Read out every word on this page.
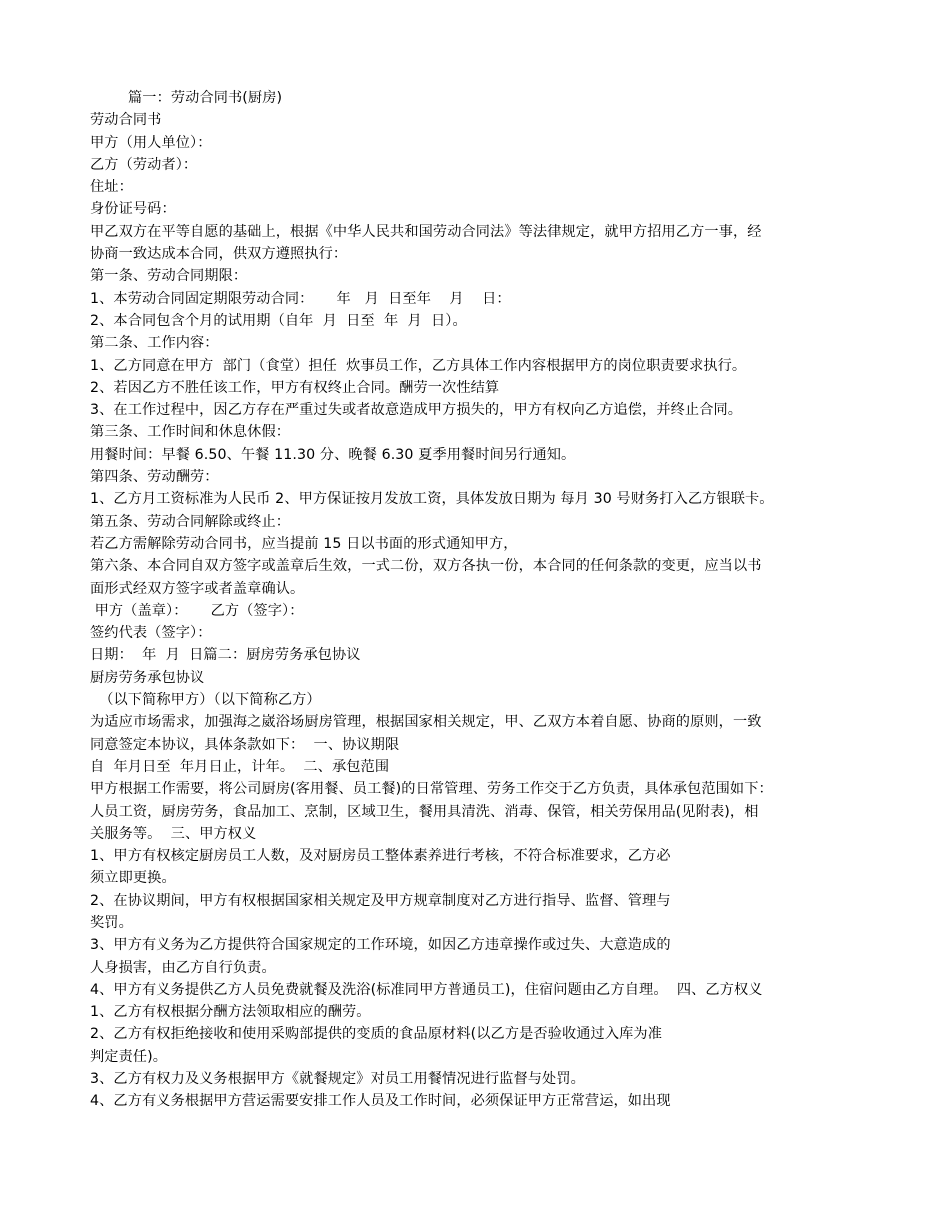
篇一：劳动合同书(厨房)
劳动合同书
甲方（用人单位）：
乙方（劳动者）：
住址：
身份证号码：
甲乙双方在平等自愿的基础上，根据《中华人民共和国劳动合同法》等法律规定，就甲方招用乙方一事，经
协商一致达成本合同，供双方遵照执行：
第一条、劳动合同期限：
1、本劳动合同固定期限劳动合同：     年   月  日至年    月    日：
2、本合同包含个月的试用期（自年  月  日至  年  月  日）。
第二条、工作内容：
1、乙方同意在甲方  部门（食堂）担任  炊事员工作，乙方具体工作内容根据甲方的岗位职责要求执行。
2、若因乙方不胜任该工作，甲方有权终止合同。酬劳一次性结算
3、在工作过程中，因乙方存在严重过失或者故意造成甲方损失的，甲方有权向乙方追偿，并终止合同。
第三条、工作时间和休息休假：
用餐时间：早餐 6.50、午餐 11.30 分、晚餐 6.30 夏季用餐时间另行通知。
第四条、劳动酬劳：
1、乙方月工资标准为人民币 2、甲方保证按月发放工资，具体发放日期为 每月 30 号财务打入乙方银联卡。
第五条、劳动合同解除或终止：
若乙方需解除劳动合同书，应当提前 15 日以书面的形式通知甲方，
第六条、本合同自双方签字或盖章后生效，一式二份，双方各执一份，本合同的任何条款的变更，应当以书
面形式经双方签字或者盖章确认。
甲方（盖章）：     乙方（签字）：
签约代表（签字）：
日期：  年  月  日篇二：厨房劳务承包协议
厨房劳务承包协议
（以下简称甲方）（以下简称乙方）
为适应市场需求，加强海之崴浴场厨房管理，根据国家相关规定，甲、乙双方本着自愿、协商的原则，一致
同意签定本协议，具体条款如下：  一、协议期限
自  年月日至  年月日止，计年。  二、承包范围
甲方根据工作需要，将公司厨房(客用餐、员工餐)的日常管理、劳务工作交于乙方负责，具体承包范围如下：
人员工资，厨房劳务，食品加工、烹制，区域卫生，餐用具清洗、消毒、保管，相关劳保用品(见附表)，相
关服务等。  三、甲方权义
1、甲方有权核定厨房员工人数，及对厨房员工整体素养进行考核，不符合标准要求，乙方必
须立即更换。
2、在协议期间，甲方有权根据国家相关规定及甲方规章制度对乙方进行指导、监督、管理与
奖罚。
3、甲方有义务为乙方提供符合国家规定的工作环境，如因乙方违章操作或过失、大意造成的
人身损害，由乙方自行负责。
4、甲方有义务提供乙方人员免费就餐及洗浴(标准同甲方普通员工)，住宿问题由乙方自理。  四、乙方权义
1、乙方有权根据分酬方法领取相应的酬劳。
2、乙方有权拒绝接收和使用采购部提供的变质的食品原材料(以乙方是否验收通过入库为准
判定责任)。
3、乙方有权力及义务根据甲方《就餐规定》对员工用餐情况进行监督与处罚。
4、乙方有义务根据甲方营运需要安排工作人员及工作时间，必须保证甲方正常营运，如出现
